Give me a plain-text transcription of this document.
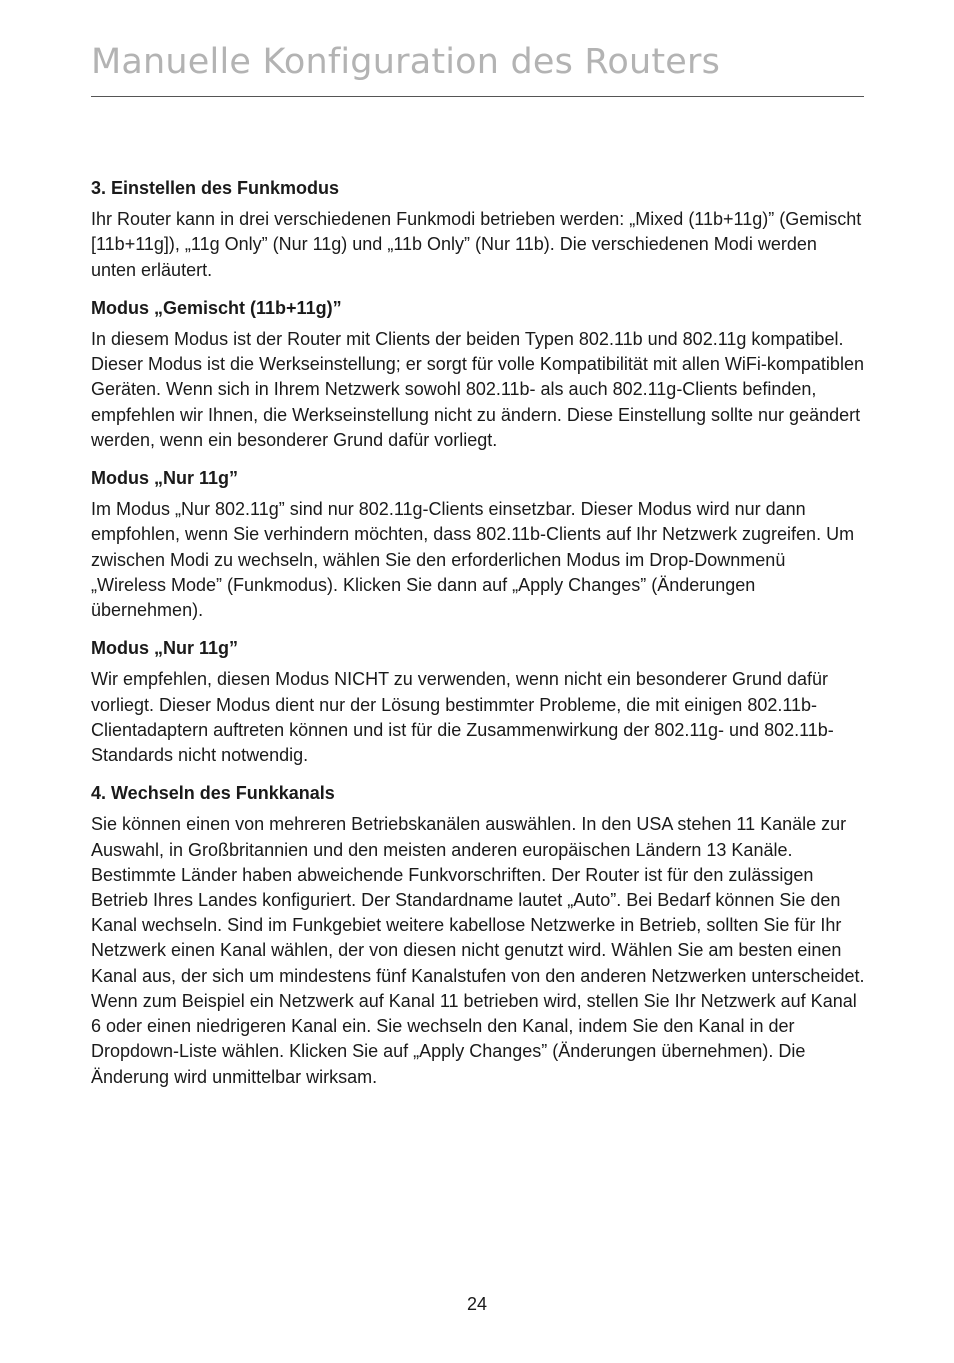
Manuelle Konfiguration des Routers
3. Einstellen des Funkmodus

Ihr Router kann in drei verschiedenen Funkmodi betrieben werden: „Mixed (11b+11g)” (Gemischt [11b+11g]), „11g Only” (Nur 11g) und „11b Only” (Nur 11b). Die verschiedenen Modi werden unten erläutert.

Modus „Gemischt (11b+11g)”

In diesem Modus ist der Router mit Clients der beiden Typen 802.11b und 802.11g kompatibel. Dieser Modus ist die Werkseinstellung; er sorgt für volle Kompatibilität mit allen WiFi-kompatiblen Geräten. Wenn sich in Ihrem Netzwerk sowohl 802.11b- als auch 802.11g-Clients befinden, empfehlen wir Ihnen, die Werkseinstellung nicht zu ändern. Diese Einstellung sollte nur geändert werden, wenn ein besonderer Grund dafür vorliegt.

Modus „Nur 11g”

Im Modus „Nur 802.11g” sind nur 802.11g-Clients einsetzbar. Dieser Modus wird nur dann empfohlen, wenn Sie verhindern möchten, dass 802.11b-Clients auf Ihr Netzwerk zugreifen. Um zwischen Modi zu wechseln, wählen Sie den erforderlichen Modus im Drop-Downmenü „Wireless Mode” (Funkmodus). Klicken Sie dann auf „Apply Changes” (Änderungen übernehmen).

Modus „Nur 11g”

Wir empfehlen, diesen Modus NICHT zu verwenden, wenn nicht ein besonderer Grund dafür vorliegt. Dieser Modus dient nur der Lösung bestimmter Probleme, die mit einigen 802.11b-Clientadaptern auftreten können und ist für die Zusammenwirkung der 802.11g- und 802.11b-Standards nicht notwendig.

4. Wechseln des Funkkanals

Sie können einen von mehreren Betriebskanälen auswählen. In den USA stehen 11 Kanäle zur Auswahl, in Großbritannien und den meisten anderen europäischen Ländern 13 Kanäle. Bestimmte Länder haben abweichende Funkvorschriften. Der Router ist für den zulässigen Betrieb Ihres Landes konfiguriert. Der Standardname lautet „Auto”. Bei Bedarf können Sie den Kanal wechseln. Sind im Funkgebiet weitere kabellose Netzwerke in Betrieb, sollten Sie für Ihr Netzwerk einen Kanal wählen, der von diesen nicht genutzt wird. Wählen Sie am besten einen Kanal aus, der sich um mindestens fünf Kanalstufen von den anderen Netzwerken unterscheidet. Wenn zum Beispiel ein Netzwerk auf Kanal 11 betrieben wird, stellen Sie Ihr Netzwerk auf Kanal 6 oder einen niedrigeren Kanal ein. Sie wechseln den Kanal, indem Sie den Kanal in der Dropdown-Liste wählen. Klicken Sie auf „Apply Changes” (Änderungen übernehmen). Die Änderung wird unmittelbar wirksam.

24
